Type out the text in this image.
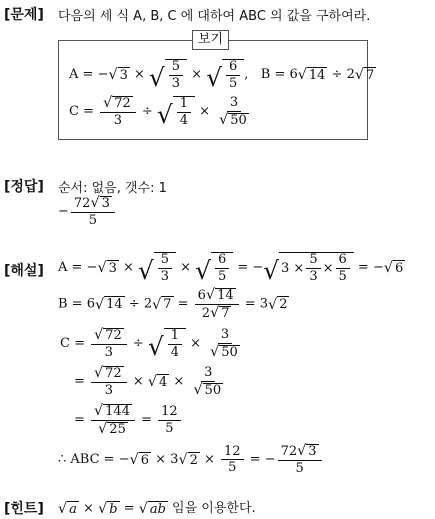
[문제] 다음의 세 식 A, B, C 에 대하여 ABC 의 값을 구하여라.
보기
A = − √ 3 × √ $\frac{5}{3}$ × √ $\frac{6}{5}$ ,   B = 6 √ 14 ÷ 2 √ 7
$C = \frac{√ 72}{3}$ ÷ √ $\frac{1}{4} \times \frac{3}{√ 50}$
[정답] 순서: 없음, 갯수: 1
− $\frac{72 √ 3}{5}$
[해설] A = − √ 3 × √ $\frac{5}{3}$ × √ $\frac{6}{5}$ = − √ $3 \times \frac{5}{3} \times \frac{6}{5}$ = − √ 6
B = 6 √ 14 ÷ 2 √ $7 = \frac{6 √ 14}{2 √ 7} = 3$ √ 2
$C = \frac{√ 72}{3}$ ÷ √ $\frac{1}{4} \times \frac{3}{√ 50}$
= $\frac{√ 72}{3}$ × √ $4 \times \frac{3}{√ 50}$
= $\frac{√ 144}{√ 25} = \frac{12}{5}$
∴ ABC = − √ 6 × 3 √ $2 \times \frac{12}{5}$ = − $\frac{72 √ 3}{5}$
[힌트] √ a × √ b = √ ab 임을 이용한다.
